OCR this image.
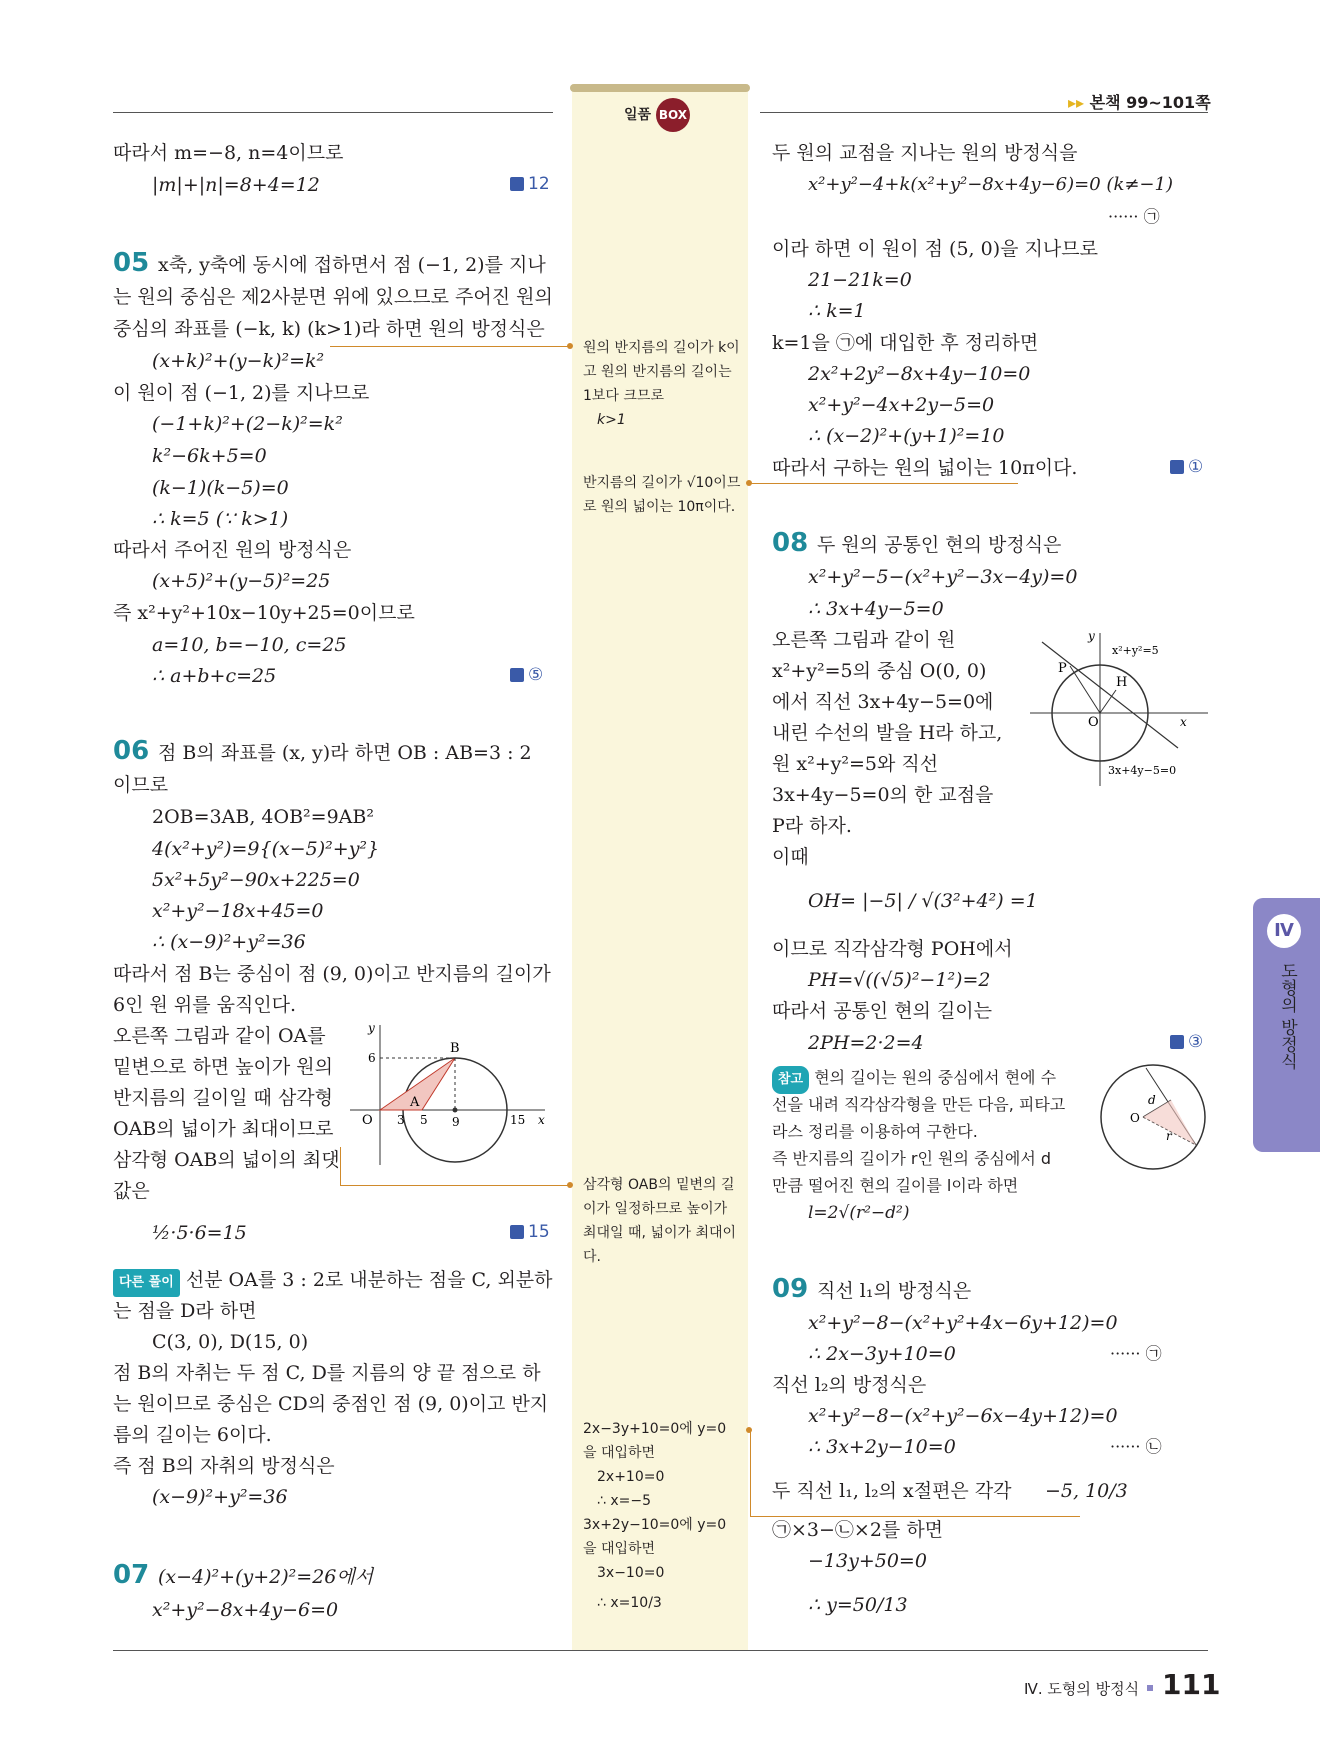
일품 BOX
▸▸ 본책 99~101쪽
따라서 m=−8, n=4이므로
|m|+|n|=8+4=12	12
05 x축, y축에 동시에 접하면서 점 (−1, 2)를 지나
는 원의 중심은 제2사분면 위에 있으므로 주어진 원의
중심의 좌표를 (−k, k) (k>1)라 하면 원의 방정식은
(x+k)²+(y−k)²=k²
이 원이 점 (−1, 2)를 지나므로
(−1+k)²+(2−k)²=k²
k²−6k+5=0
(k−1)(k−5)=0
∴ k=5 (∵ k>1)
따라서 주어진 원의 방정식은
(x+5)²+(y−5)²=25
즉 x²+y²+10x−10y+25=0이므로
a=10, b=−10, c=25
∴ a+b+c=25	⑤
06 점 B의 좌표를 (x, y)라 하면 OB : AB=3 : 2
이므로
2OB=3AB, 4OB²=9AB²
4(x²+y²)=9{(x−5)²+y²}
5x²+5y²−90x+225=0
x²+y²−18x+45=0
∴ (x−9)²+y²=36
따라서 점 B는 중심이 점 (9, 0)이고 반지름의 길이가
6인 원 위를 움직인다.
오른쪽 그림과 같이 OA를
밑변으로 하면 높이가 원의
반지름의 길이일 때 삼각형
OAB의 넓이가 최대이므로
삼각형 OAB의 넓이의 최댓
값은
½·5·6=15	15
y
x
B
A
O
6
3 5 9	15
다른 풀이 선분 OA를 3 : 2로 내분하는 점을 C, 외분하
는 점을 D라 하면
C(3, 0), D(15, 0)
점 B의 자취는 두 점 C, D를 지름의 양 끝 점으로 하
는 원이므로 중심은 CD의 중점인 점 (9, 0)이고 반지
름의 길이는 6이다.
즉 점 B의 자취의 방정식은
(x−9)²+y²=36
07 (x−4)²+(y+2)²=26에서
x²+y²−8x+4y−6=0
원의 반지름의 길이가 k이
고 원의 반지름의 길이는
1보다 크므로
k>1
반지름의 길이가 √10이므
로 원의 넓이는 10π이다.
삼각형 OAB의 밑변의 길
이가 일정하므로 높이가
최대일 때, 넓이가 최대이
다.
2x−3y+10=0에 y=0
을 대입하면
2x+10=0
∴ x=−5
3x+2y−10=0에 y=0
을 대입하면
3x−10=0
∴ x=10/3
두 원의 교점을 지나는 원의 방정식을
x²+y²−4+k(x²+y²−8x+4y−6)=0 (k≠−1)
······ ㉠
이라 하면 이 원이 점 (5, 0)을 지나므로
21−21k=0
∴ k=1
k=1을 ㉠에 대입한 후 정리하면
2x²+2y²−8x+4y−10=0
x²+y²−4x+2y−5=0
∴ (x−2)²+(y+1)²=10
따라서 구하는 원의 넓이는 10π이다.	①
08 두 원의 공통인 현의 방정식은
x²+y²−5−(x²+y²−3x−4y)=0
∴ 3x+4y−5=0
오른쪽 그림과 같이 원
x²+y²=5의 중심 O(0, 0)
에서 직선 3x+4y−5=0에
내린 수선의 발을 H라 하고,
원 x²+y²=5와 직선
3x+4y−5=0의 한 교점을
P라 하자.
이때
OH= |−5| / √(3²+4²) =1
이므로 직각삼각형 POH에서
PH=√((√5)²−1²)=2
따라서 공통인 현의 길이는
2PH=2·2=4	③
y
x
x²+y²=5
P
H
O
3x+4y−5=0
참고 현의 길이는 원의 중심에서 현에 수
선을 내려 직각삼각형을 만든 다음, 피타고
라스 정리를 이용하여 구한다.
즉 반지름의 길이가 r인 원의 중심에서 d
만큼 떨어진 현의 길이를 l이라 하면
l=2√(r²−d²)
d
r
O
09 직선 l₁의 방정식은
x²+y²−8−(x²+y²+4x−6y+12)=0
∴ 2x−3y+10=0	······ ㉠
직선 l₂의 방정식은
x²+y²−8−(x²+y²−6x−4y+12)=0
∴ 3x+2y−10=0	······ ㉡
두 직선 l₁, l₂의 x절편은 각각 −5, 10/3
㉠×3−㉡×2를 하면
−13y+50=0
∴ y=50/13
Ⅳ
도형의 방정식
Ⅳ. 도형의 방정식 111
